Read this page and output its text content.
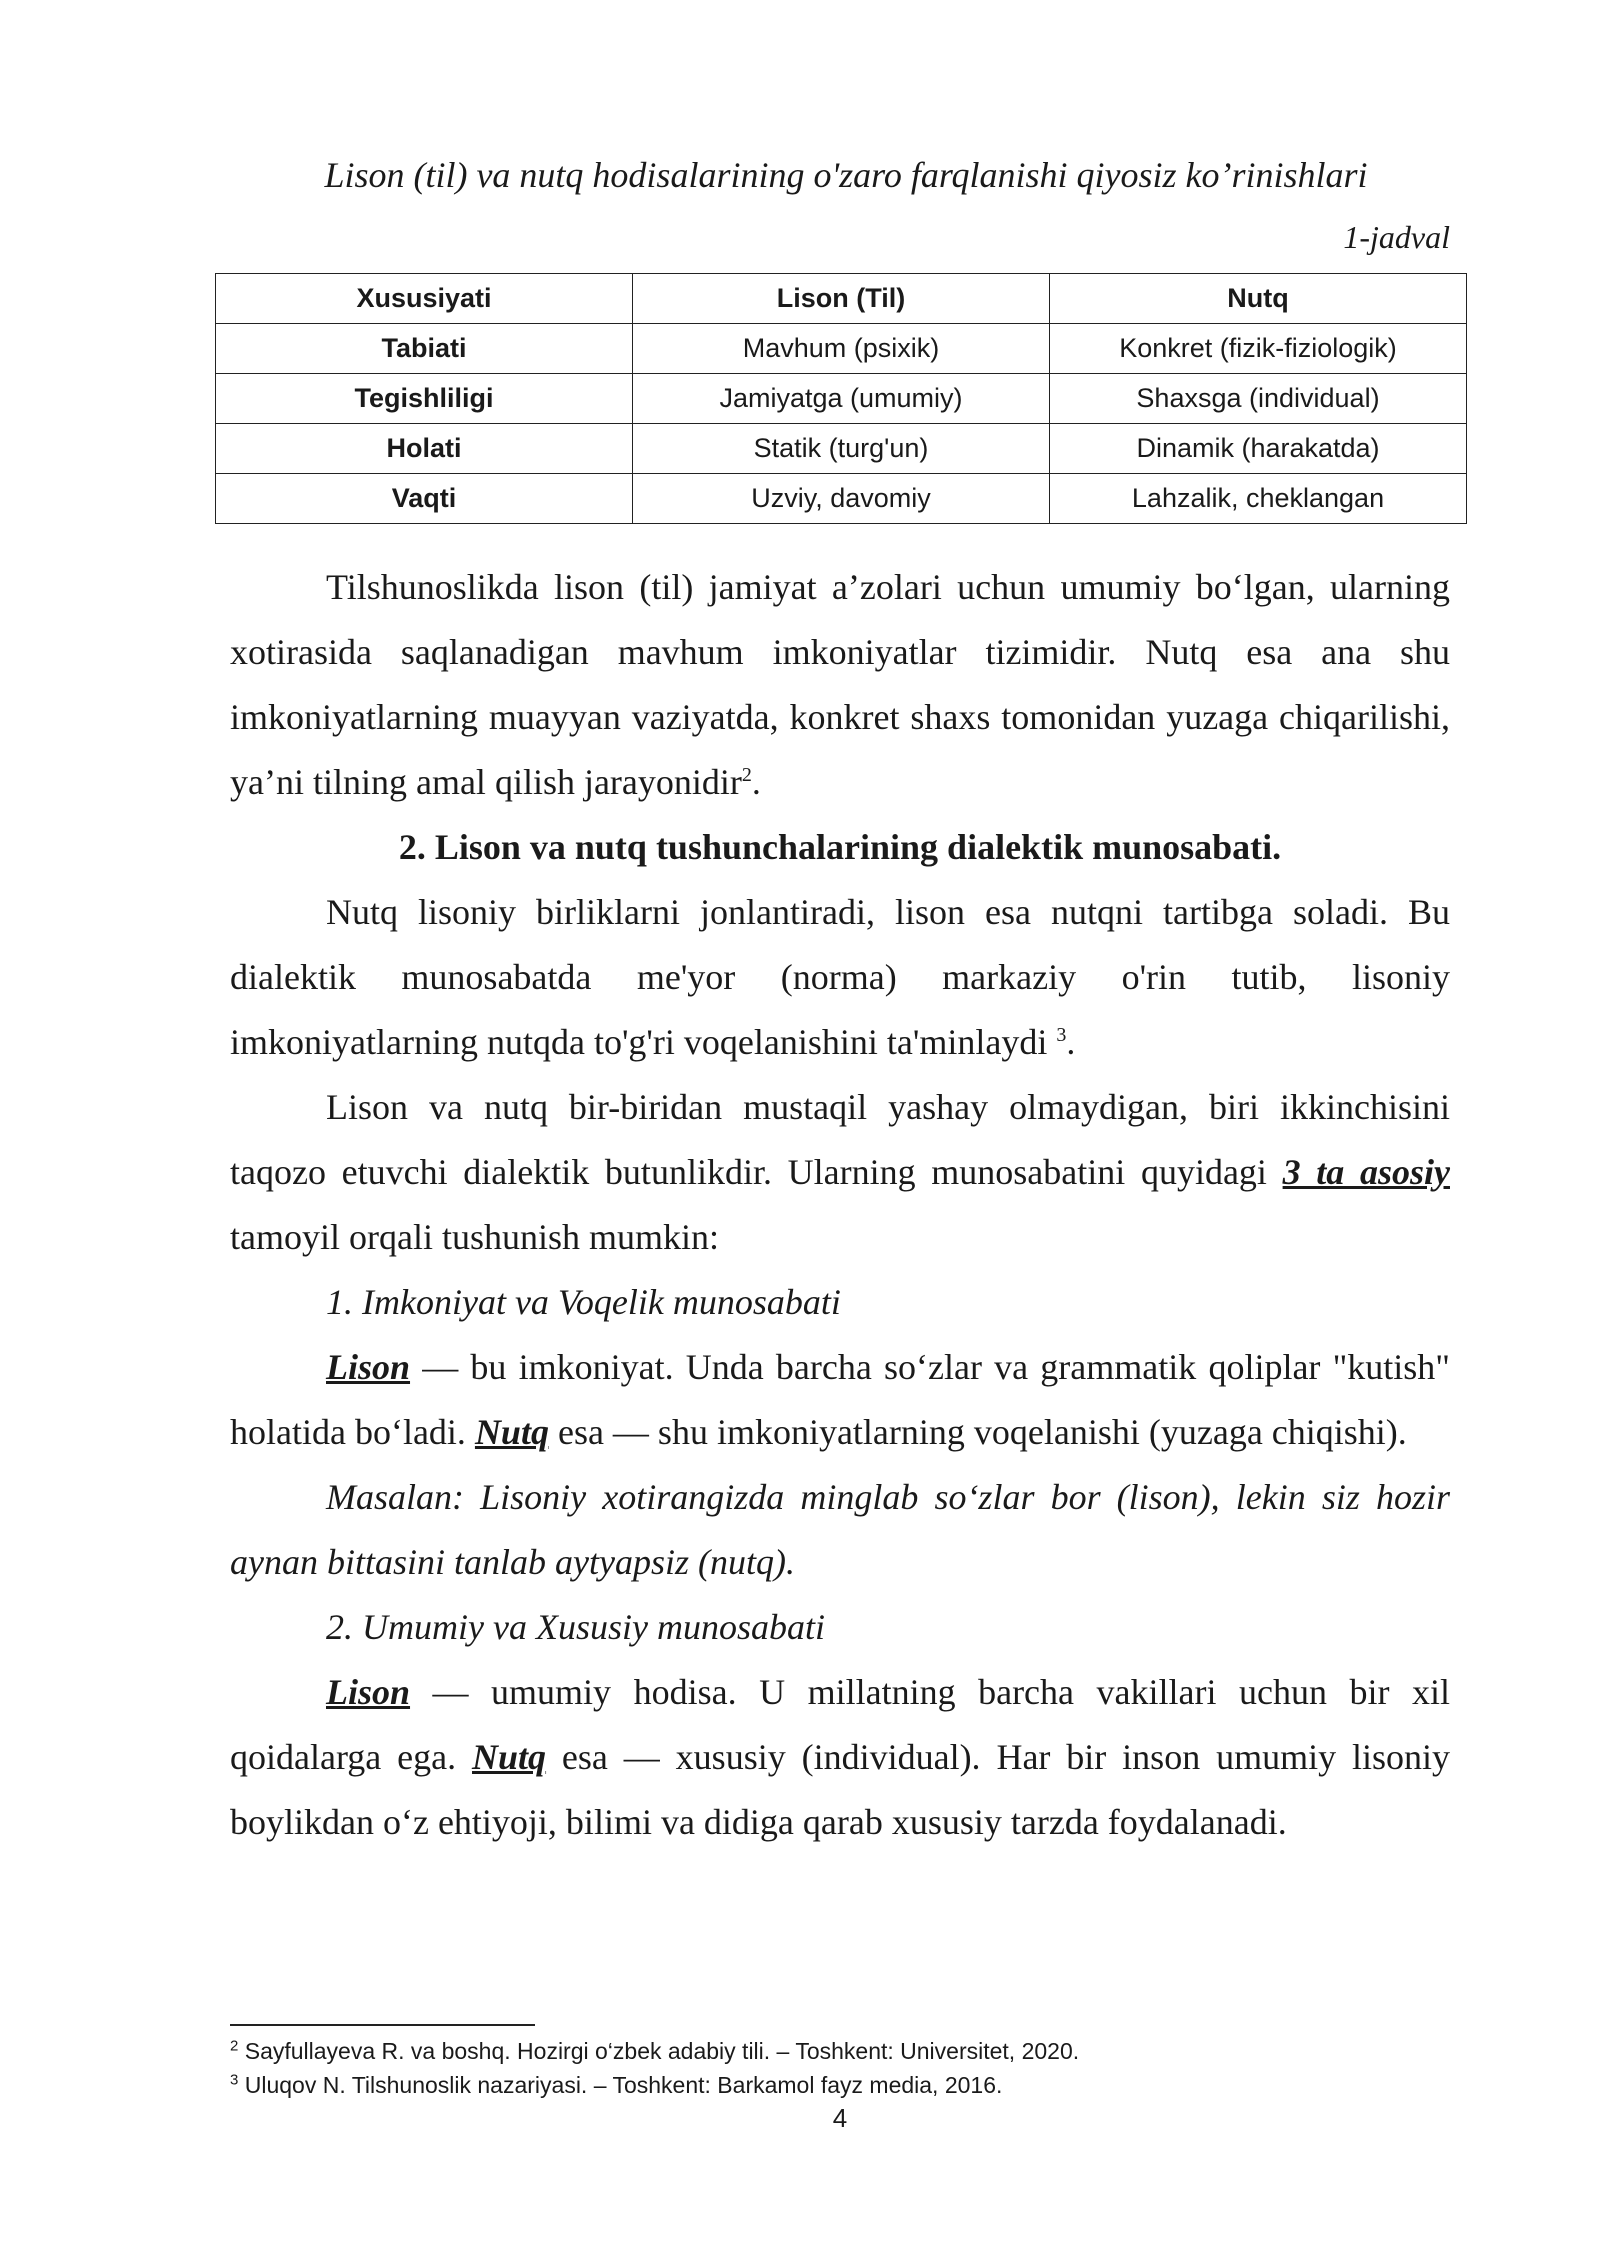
Lison (til) va nutq hodisalarining o'zaro farqlanishi qiyosiz ko’rinishlari
1-jadval
Xususiyati	Lison (Til)	Nutq
Tabiati	Mavhum (psixik)	Konkret (fizik-fiziologik)
Tegishliligi	Jamiyatga (umumiy)	Shaxsga (individual)
Holati	Statik (turg'un)	Dinamik (harakatda)
Vaqti	Uzviy, davomiy	Lahzalik, cheklangan

Tilshunoslikda lison (til) jamiyat a’zolari uchun umumiy bo‘lgan, ularning xotirasida saqlanadigan mavhum imkoniyatlar tizimidir. Nutq esa ana shu imkoniyatlarning muayyan vaziyatda, konkret shaxs tomonidan yuzaga chiqarilishi, ya’ni tilning amal qilish jarayonidir$^2$.

2. Lison va nutq tushunchalarining dialektik munosabati.

Nutq lisoniy birliklarni jonlantiradi, lison esa nutqni tartibga soladi. Bu dialektik munosabatda me'yor (norma) markaziy o'rin tutib, lisoniy imkoniyatlarning nutqda to'g'ri voqelanishini ta'minlaydi $^3$.

Lison va nutq bir-biridan mustaqil yashay olmaydigan, biri ikkinchisini taqozo etuvchi dialektik butunlikdir. Ularning munosabatini quyidagi 3 ta asosiy tamoyil orqali tushunish mumkin:

1. Imkoniyat va Voqelik munosabati

Lison — bu imkoniyat. Unda barcha so‘zlar va grammatik qoliplar "kutish" holatida bo‘ladi. Nutq esa — shu imkoniyatlarning voqelanishi (yuzaga chiqishi).

Masalan: Lisoniy xotirangizda minglab so‘zlar bor (lison), lekin siz hozir aynan bittasini tanlab aytyapsiz (nutq).

2. Umumiy va Xususiy munosabati

Lison — umumiy hodisa. U millatning barcha vakillari uchun bir xil qoidalarga ega. Nutq esa — xususiy (individual). Har bir inson umumiy lisoniy boylikdan o‘z ehtiyoji, bilimi va didiga qarab xususiy tarzda foydalanadi.

$^2$ Sayfullayeva R. va boshq. Hozirgi o‘zbek adabiy tili. – Toshkent: Universitet, 2020.
$^3$ Uluqov N. Tilshunoslik nazariyasi. – Toshkent: Barkamol fayz media, 2016.
4
